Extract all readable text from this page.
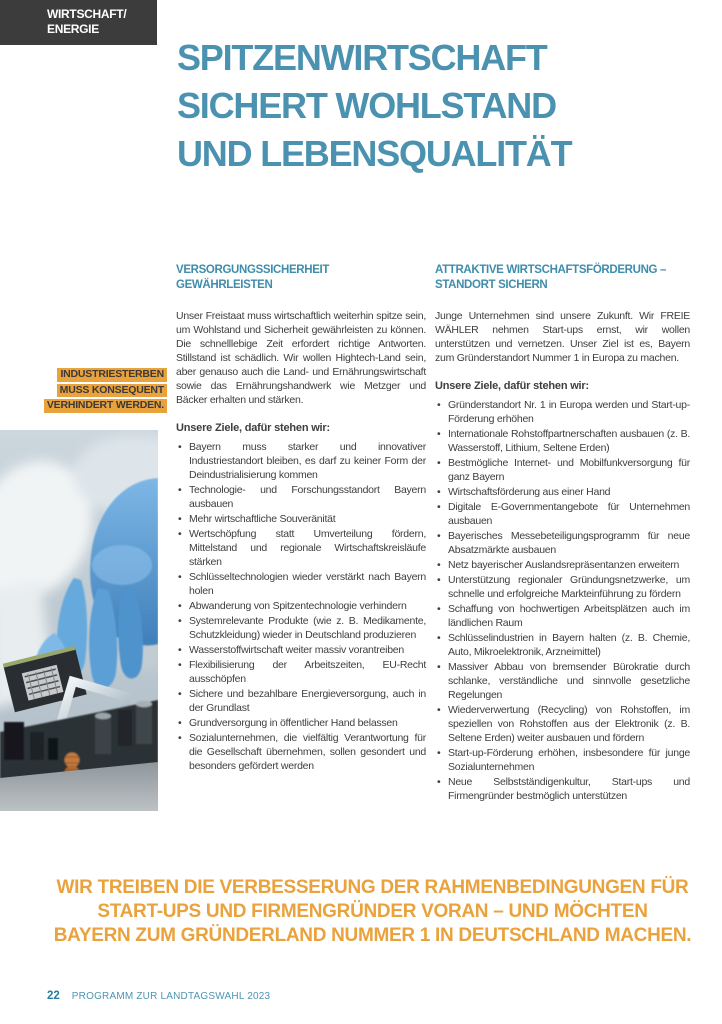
WIRTSCHAFT/
ENERGIE
SPITZENWIRTSCHAFT
SICHERT WOHLSTAND
UND LEBENSQUALITÄT
INDUSTRIESTERBEN
MUSS KONSEQUENT
VERHINDERT WERDEN.
VERSORGUNGSSICHERHEIT
GEWÄHRLEISTEN

Unser Freistaat muss wirtschaftlich weiterhin spitze sein, um Wohlstand und Sicherheit gewährleisten zu können. Die schnelllebige Zeit erfordert richtige Antworten. Stillstand ist schädlich. Wir wollen Hightech-Land sein, aber genauso auch die Land- und Ernährungswirtschaft sowie das Ernährungshandwerk wie Metzger und Bäcker erhalten und stärken.

Unsere Ziele, dafür stehen wir:

• Bayern muss starker und innovativer Industriestandort bleiben, es darf zu keiner Form der Deindustrialisierung kommen
• Technologie- und Forschungsstandort Bayern ausbauen
• Mehr wirtschaftliche Souveränität
• Wertschöpfung statt Umverteilung fördern, Mittelstand und regionale Wirtschaftskreisläufe stärken
• Schlüsseltechnologien wieder verstärkt nach Bayern holen
• Abwanderung von Spitzentechnologie verhindern
• Systemrelevante Produkte (wie z. B. Medikamente, Schutzkleidung) wieder in Deutschland produzieren
• Wasserstoffwirtschaft weiter massiv vorantreiben
• Flexibilisierung der Arbeitszeiten, EU-Recht ausschöpfen
• Sichere und bezahlbare Energieversorgung, auch in der Grundlast
• Grundversorgung in öffentlicher Hand belassen
• Sozialunternehmen, die vielfältig Verantwortung für die Gesellschaft übernehmen, sollen gesondert und besonders gefördert werden
ATTRAKTIVE WIRTSCHAFTSFÖRDERUNG –
STANDORT SICHERN

Junge Unternehmen sind unsere Zukunft. Wir FREIE WÄHLER nehmen Start-ups ernst, wir wollen unterstützen und vernetzen. Unser Ziel ist es, Bayern zum Gründerstandort Nummer 1 in Europa zu machen.

Unsere Ziele, dafür stehen wir:

• Gründerstandort Nr. 1 in Europa werden und Start-up-Förderung erhöhen
• Internationale Rohstoffpartnerschaften ausbauen (z. B. Wasserstoff, Lithium, Seltene Erden)
• Bestmögliche Internet- und Mobilfunkversorgung für ganz Bayern
• Wirtschaftsförderung aus einer Hand
• Digitale E-Governmentangebote für Unternehmen ausbauen
• Bayerisches Messebeteiligungsprogramm für neue Absatzmärkte ausbauen
• Netz bayerischer Auslandsrepräsentanzen erweitern
• Unterstützung regionaler Gründungsnetzwerke, um schnelle und erfolgreiche Markteinführung zu fördern
• Schaffung von hochwertigen Arbeitsplätzen auch im ländlichen Raum
• Schlüsselindustrien in Bayern halten (z. B. Chemie, Auto, Mikroelektronik, Arzneimittel)
• Massiver Abbau von bremsender Bürokratie durch schlanke, verständliche und sinnvolle gesetzliche Regelungen
• Wiederverwertung (Recycling) von Rohstoffen, im speziellen von Rohstoffen aus der Elektronik (z. B. Seltene Erden) weiter ausbauen und fördern
• Start-up-Förderung erhöhen, insbesondere für junge Sozialunternehmen
• Neue Selbstständigenkultur, Start-ups und Firmengründer bestmöglich unterstützen
WIR TREIBEN DIE VERBESSERUNG DER RAHMENBEDINGUNGEN FÜR
START-UPS UND FIRMENGRÜNDER VORAN – UND MÖCHTEN
BAYERN ZUM GRÜNDERLAND NUMMER 1 IN DEUTSCHLAND MACHEN.
22 PROGRAMM ZUR LANDTAGSWAHL 2023
